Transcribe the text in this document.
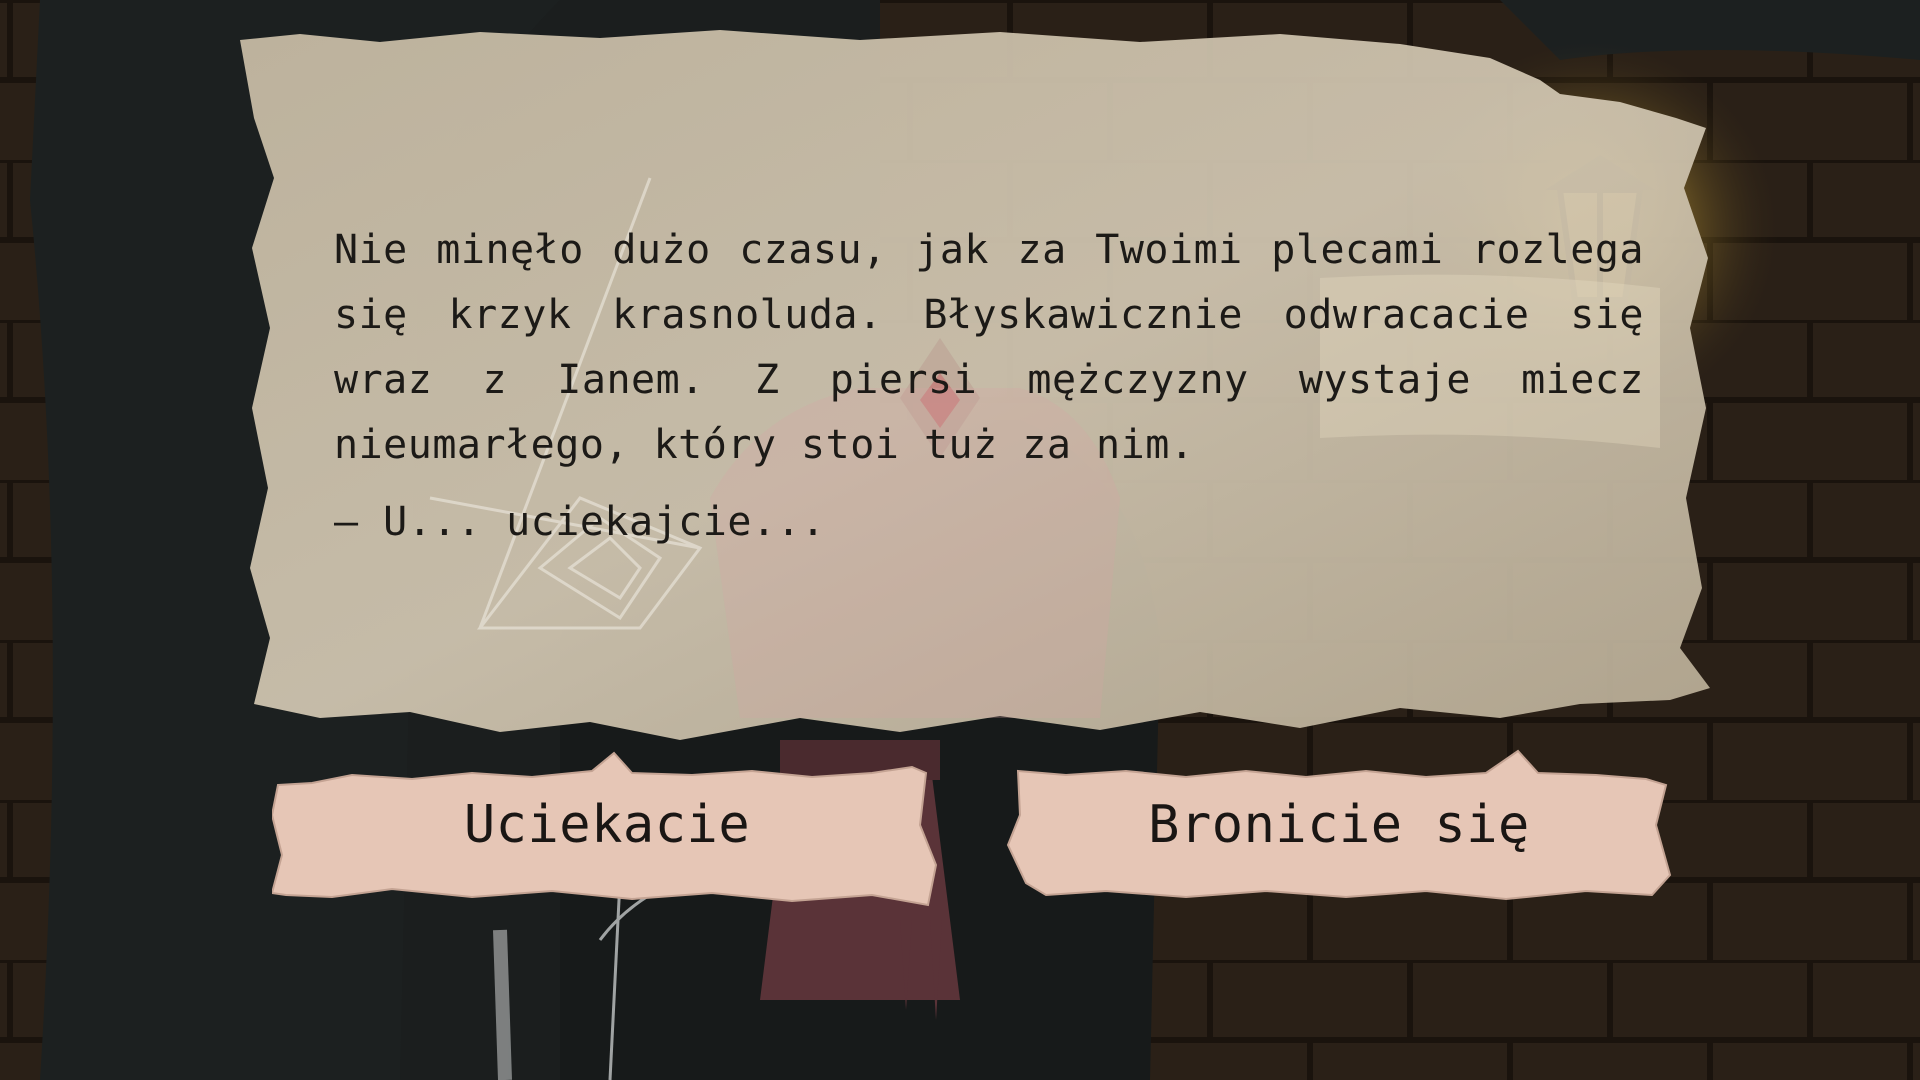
Nie minęło dużo czasu, jak za Twoimi plecami rozlega się krzyk krasnoluda. Błyskawicznie odwracacie się wraz z Ianem. Z piersi mężczyzny wystaje miecz nieumarłego, który stoi tuż za nim.

– U... uciekajcie...

Uciekacie	Bronicie się
